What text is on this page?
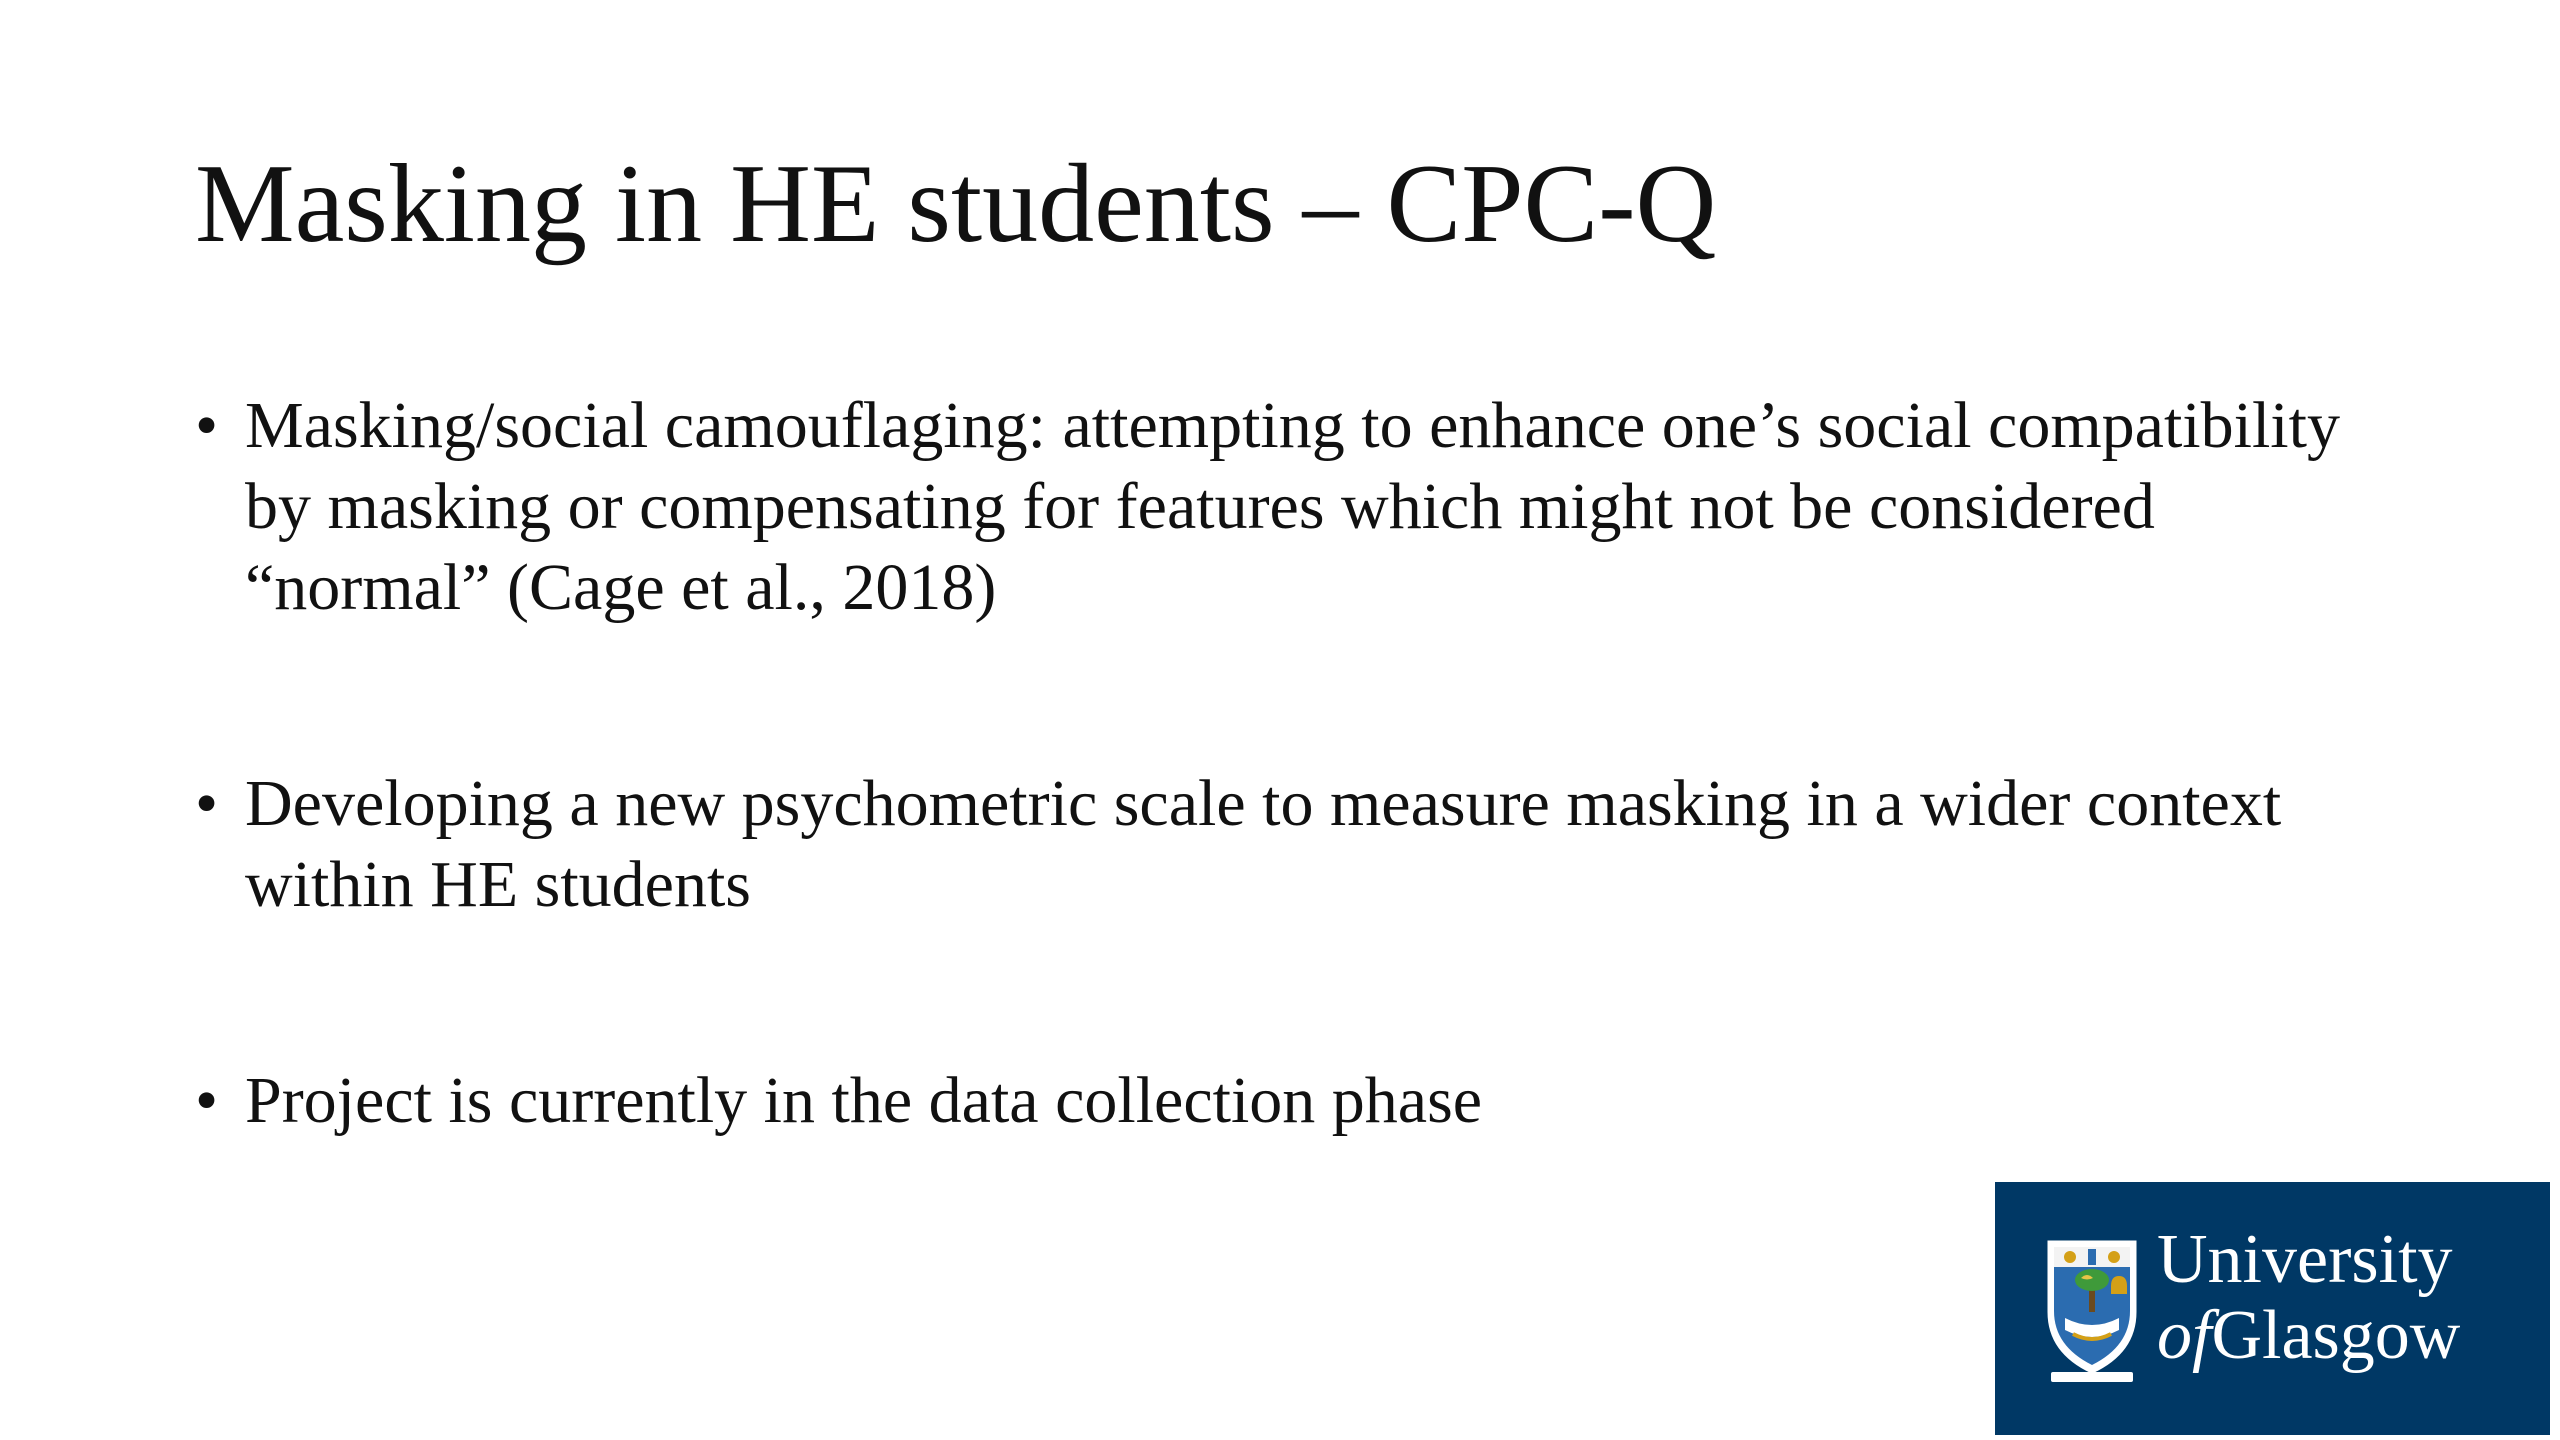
Masking in HE students – CPC-Q
• Masking/social camouflaging: attempting to enhance one’s social compatibility by masking or compensating for features which might not be considered “normal” (Cage et al., 2018)
• Developing a new psychometric scale to measure masking in a wider context within HE students
• Project is currently in the data collection phase
University
ofGlasgow
